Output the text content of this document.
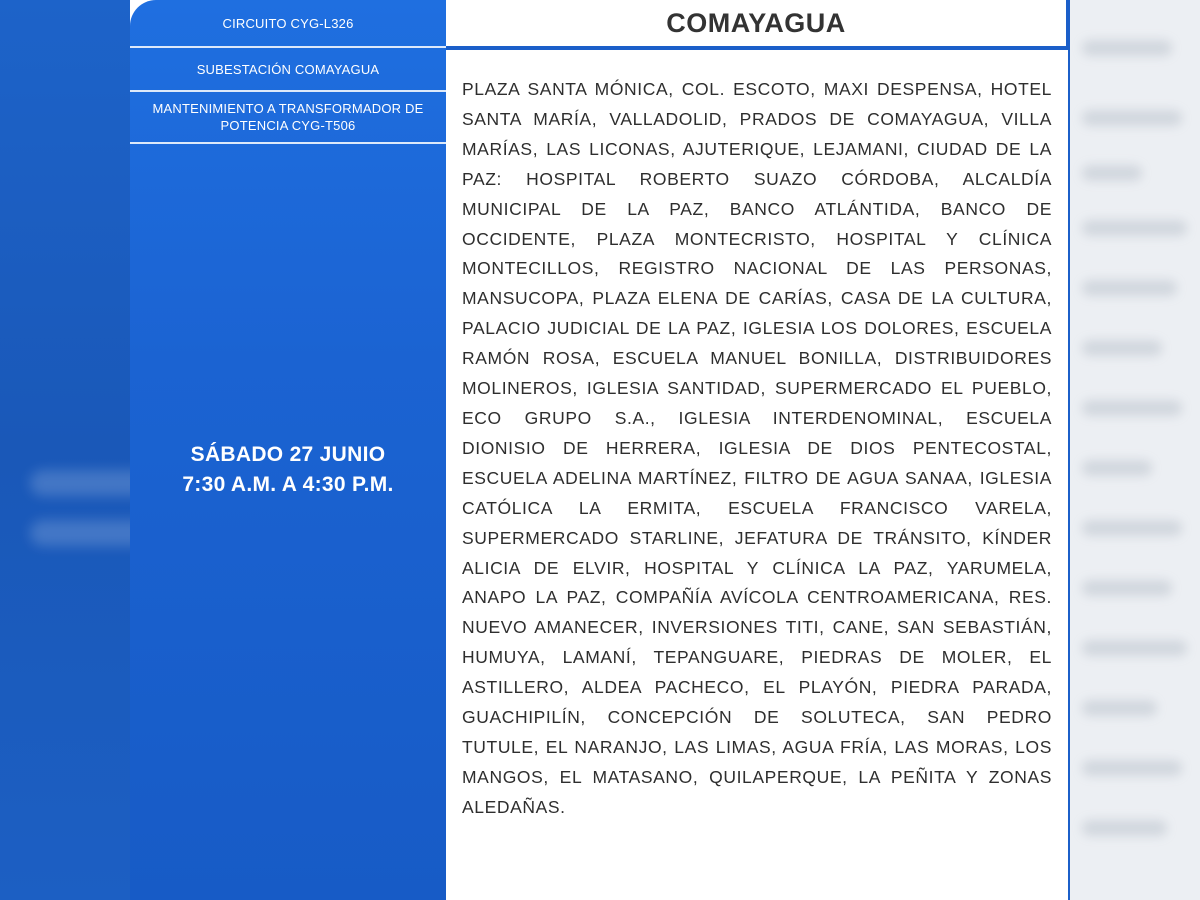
CIRCUITO CYG-L326
SUBESTACIÓN COMAYAGUA
MANTENIMIENTO A TRANSFORMADOR DE POTENCIA CYG-T506
SÁBADO 27 JUNIO
7:30 A.M. A 4:30 P.M.
COMAYAGUA
PLAZA SANTA MÓNICA, COL. ESCOTO, MAXI DESPENSA, HOTEL SANTA MARÍA, VALLADOLID, PRADOS DE COMAYAGUA, VILLA MARÍAS, LAS LICONAS, AJUTERIQUE, LEJAMANI, CIUDAD DE LA PAZ: HOSPITAL ROBERTO SUAZO CÓRDOBA, ALCALDÍA MUNICIPAL DE LA PAZ, BANCO ATLÁNTIDA, BANCO DE OCCIDENTE, PLAZA MONTECRISTO, HOSPITAL Y CLÍNICA MONTECILLOS, REGISTRO NACIONAL DE LAS PERSONAS, MANSUCOPA, PLAZA ELENA DE CARÍAS, CASA DE LA CULTURA, PALACIO JUDICIAL DE LA PAZ, IGLESIA LOS DOLORES, ESCUELA RAMÓN ROSA, ESCUELA MANUEL BONILLA, DISTRIBUIDORES MOLINEROS, IGLESIA SANTIDAD, SUPERMERCADO EL PUEBLO, ECO GRUPO S.A., IGLESIA INTERDENOMINAL, ESCUELA DIONISIO DE HERRERA, IGLESIA DE DIOS PENTECOSTAL, ESCUELA ADELINA MARTÍNEZ, FILTRO DE AGUA SANAA, IGLESIA CATÓLICA LA ERMITA, ESCUELA FRANCISCO VARELA, SUPERMERCADO STARLINE, JEFATURA DE TRÁNSITO, KÍNDER ALICIA DE ELVIR, HOSPITAL Y CLÍNICA LA PAZ, YARUMELA, ANAPO LA PAZ, COMPAÑÍA AVÍCOLA CENTROAMERICANA, RES. NUEVO AMANECER, INVERSIONES TITI, CANE, SAN SEBASTIÁN, HUMUYA, LAMANÍ, TEPANGUARE, PIEDRAS DE MOLER, EL ASTILLERO, ALDEA PACHECO, EL PLAYÓN, PIEDRA PARADA, GUACHIPILÍN, CONCEPCIÓN DE SOLUTECA, SAN PEDRO TUTULE, EL NARANJO, LAS LIMAS, AGUA FRÍA, LAS MORAS, LOS MANGOS, EL MATASANO, QUILAPERQUE, LA PEÑITA Y ZONAS ALEDAÑAS.
